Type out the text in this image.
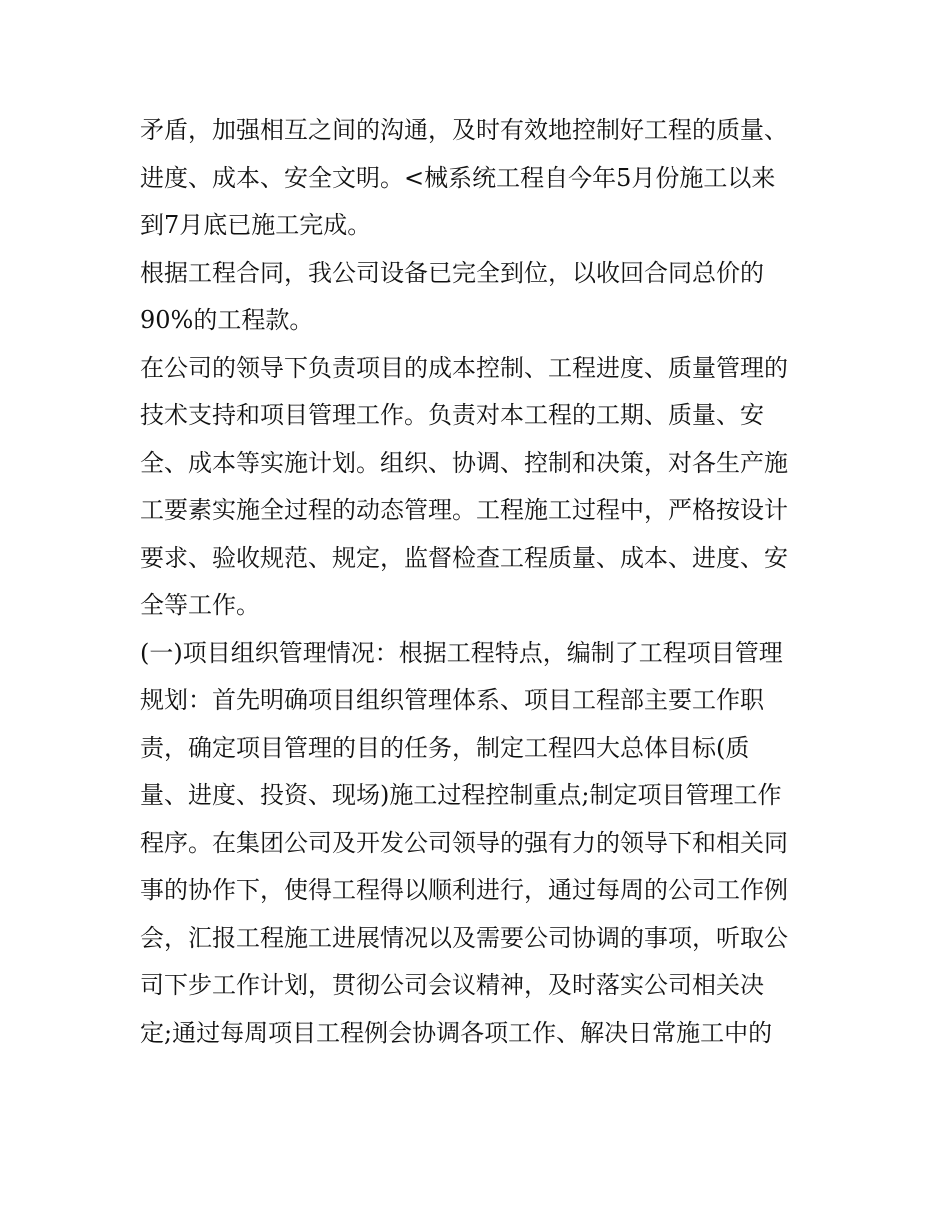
矛盾，加强相互之间的沟通，及时有效地控制好工程的质量、
进度、成本、安全文明。<械系统工程自今年5月份施工以来
到7月底已施工完成。
根据工程合同，我公司设备已完全到位，以收回合同总价的
90%的工程款。
在公司的领导下负责项目的成本控制、工程进度、质量管理的
技术支持和项目管理工作。负责对本工程的工期、质量、安
全、成本等实施计划。组织、协调、控制和决策，对各生产施
工要素实施全过程的动态管理。工程施工过程中，严格按设计
要求、验收规范、规定，监督检查工程质量、成本、进度、安
全等工作。
(一)项目组织管理情况：根据工程特点，编制了工程项目管理
规划：首先明确项目组织管理体系、项目工程部主要工作职
责，确定项目管理的目的任务，制定工程四大总体目标(质
量、进度、投资、现场)施工过程控制重点;制定项目管理工作
程序。在集团公司及开发公司领导的强有力的领导下和相关同
事的协作下，使得工程得以顺利进行，通过每周的公司工作例
会，汇报工程施工进展情况以及需要公司协调的事项，听取公
司下步工作计划，贯彻公司会议精神，及时落实公司相关决
定;通过每周项目工程例会协调各项工作、解决日常施工中的
